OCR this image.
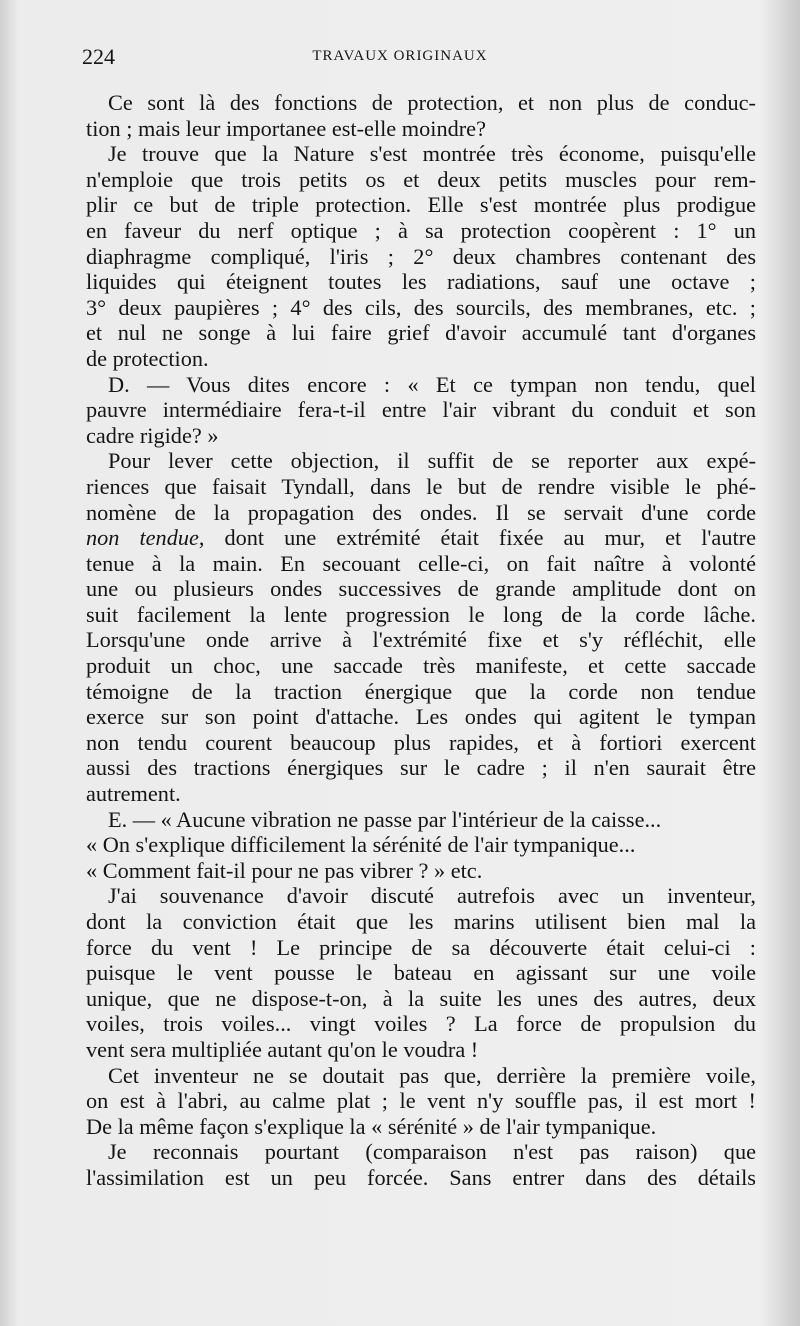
224	TRAVAUX ORIGINAUX
Ce sont là des fonctions de protection, et non plus de conduc-
tion ; mais leur importanee est-elle moindre?
Je trouve que la Nature s'est montrée très économe, puisqu'elle
n'emploie que trois petits os et deux petits muscles pour rem-
plir ce but de triple protection. Elle s'est montrée plus prodigue
en faveur du nerf optique ; à sa protection coopèrent : 1° un
diaphragme compliqué, l'iris ; 2° deux chambres contenant des
liquides qui éteignent toutes les radiations, sauf une octave ;
3° deux paupières ; 4° des cils, des sourcils, des membranes, etc. ;
et nul ne songe à lui faire grief d'avoir accumulé tant d'organes
de protection.
D. — Vous dites encore : « Et ce tympan non tendu, quel
pauvre intermédiaire fera-t-il entre l'air vibrant du conduit et son
cadre rigide? »
Pour lever cette objection, il suffit de se reporter aux expé-
riences que faisait Tyndall, dans le but de rendre visible le phé-
nomène de la propagation des ondes. Il se servait d'une corde
non tendue, dont une extrémité était fixée au mur, et l'autre
tenue à la main. En secouant celle-ci, on fait naître à volonté
une ou plusieurs ondes successives de grande amplitude dont on
suit facilement la lente progression le long de la corde lâche.
Lorsqu'une onde arrive à l'extrémité fixe et s'y réfléchit, elle
produit un choc, une saccade très manifeste, et cette saccade
témoigne de la traction énergique que la corde non tendue
exerce sur son point d'attache. Les ondes qui agitent le tympan
non tendu courent beaucoup plus rapides, et à fortiori exercent
aussi des tractions énergiques sur le cadre ; il n'en saurait être
autrement.
E. — « Aucune vibration ne passe par l'intérieur de la caisse...
« On s'explique difficilement la sérénité de l'air tympanique...
« Comment fait-il pour ne pas vibrer ? » etc.
J'ai souvenance d'avoir discuté autrefois avec un inventeur,
dont la conviction était que les marins utilisent bien mal la
force du vent ! Le principe de sa découverte était celui-ci :
puisque le vent pousse le bateau en agissant sur une voile
unique, que ne dispose-t-on, à la suite les unes des autres, deux
voiles, trois voiles... vingt voiles ? La force de propulsion du
vent sera multipliée autant qu'on le voudra !
Cet inventeur ne se doutait pas que, derrière la première voile,
on est à l'abri, au calme plat ; le vent n'y souffle pas, il est mort !
De la même façon s'explique la « sérénité » de l'air tympanique.
Je reconnais pourtant (comparaison n'est pas raison) que
l'assimilation est un peu forcée. Sans entrer dans des détails
